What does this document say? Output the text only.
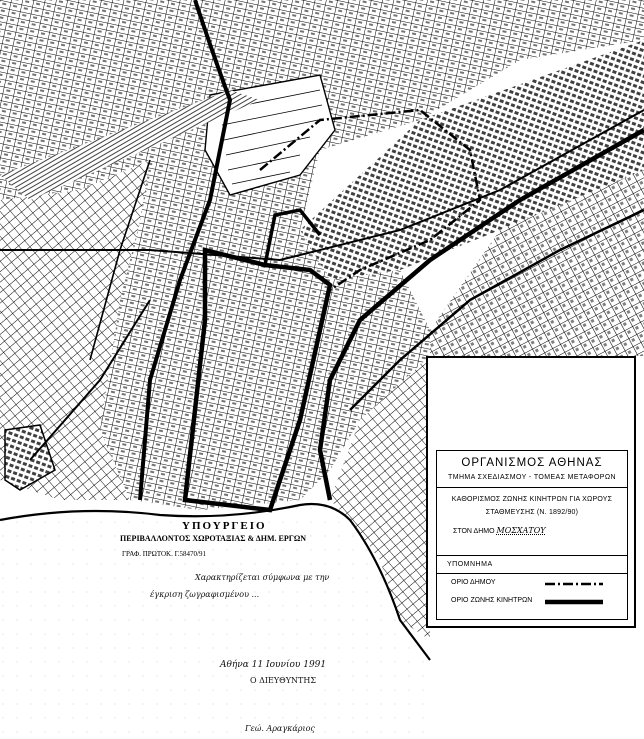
ΥΠΟΥΡΓΕΙΟ
ΠΕΡΙΒΑΛΛΟΝΤΟΣ ΧΩΡΟΤΑΞΙΑΣ & ΔΗΜ. ΕΡΓΩΝ
ΓΡΑΦ. ΠΡΩΤΟΚ. Γ.58470/91
Χαρακτηρίζεται σύμφωνα με την
έγκριση ζωγραφισμένου ...
Αθήνα 11 Ιουνίου 1991
Ο ΔΙΕΥΘΥΝΤΗΣ
Γεώ. Αραγκάριος
ΟΡΓΑΝΙΣΜΟΣ ΑΘΗΝΑΣ
ΤΜΗΜΑ ΣΧΕΔΙΑΣΜΟΥ - ΤΟΜΕΑΣ ΜΕΤΑΦΟΡΩΝ
ΚΑΘΟΡΙΣΜΟΣ ΖΩΝΗΣ ΚΙΝΗΤΡΩΝ ΓΙΑ ΧΩΡΟΥΣ
ΣΤΑΘΜΕΥΣΗΣ (Ν. 1892/90)
ΣΤΟΝ ΔΗΜΟ ΜΟΣΧΑΤΟΥ
ΥΠΟΜΝΗΜΑ
ΟΡΙΟ ΔΗΜΟΥ
ΟΡΙΟ ΖΩΝΗΣ ΚΙΝΗΤΡΩΝ
